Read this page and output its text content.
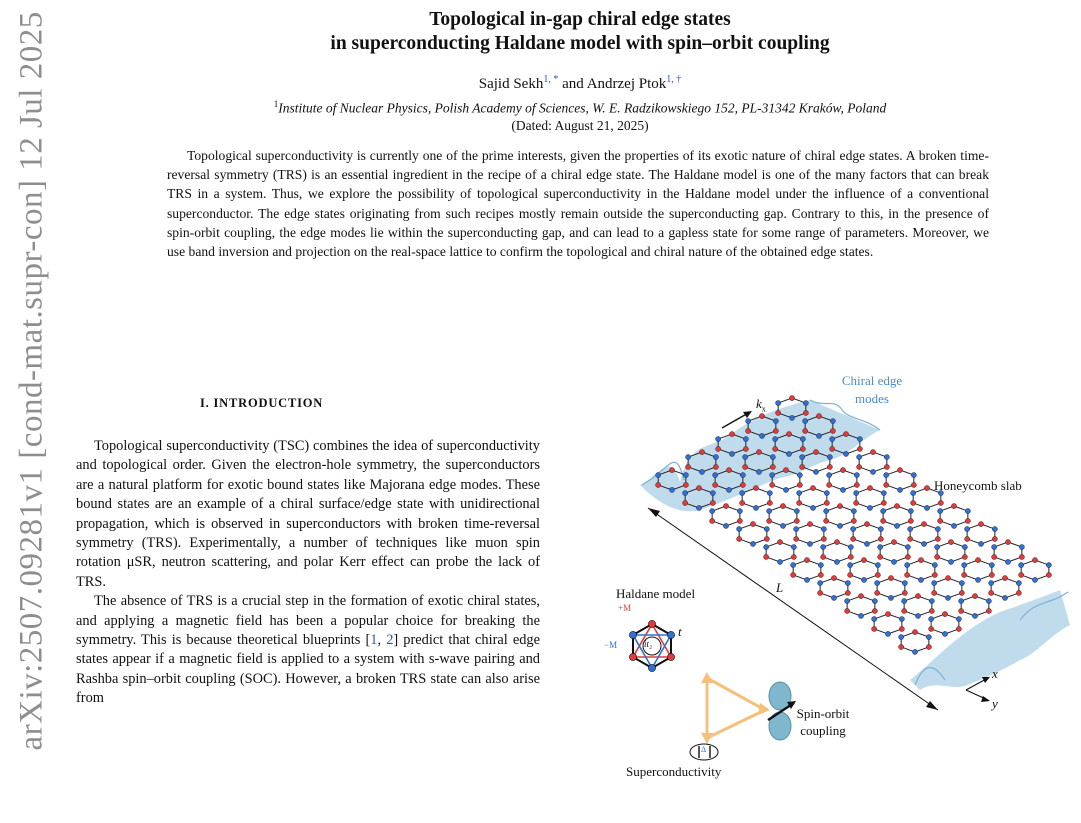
arXiv:2507.09281v1 [cond-mat.supr-con] 12 Jul 2025	Topological in-gap chiral edge states
in superconducting Haldane model with spin–orbit coupling
Sajid Sekh$^{1, *}$ and Andrzej Ptok$^{1, \dagger}$
$^1$Institute of Nuclear Physics, Polish Academy of Sciences, W. E. Radzikowskiego 152, PL-31342 Kraków, Poland
(Dated: August 21, 2025)
Topological superconductivity is currently one of the prime interests, given the properties of its exotic nature of chiral edge states. A broken time-reversal symmetry (TRS) is an essential ingredient in the recipe of a chiral edge state. The Haldane model is one of the many factors that can break TRS in a system. Thus, we explore the possibility of topological superconductivity in the Haldane model under the influence of a conventional superconductor. The edge states originating from such recipes mostly remain outside the superconducting gap. Contrary to this, in the presence of spin-orbit coupling, the edge modes lie within the superconducting gap, and can lead to a gapless state for some range of parameters. Moreover, we use band inversion and projection on the real-space lattice to confirm the topological and chiral nature of the obtained edge states.
I. INTRODUCTION

Topological superconductivity (TSC) combines the idea of superconductivity and topological order. Given the electron-hole symmetry, the superconductors are a natural platform for exotic bound states like Majorana edge modes. These bound states are an example of a chiral surface/edge state with unidirectional propagation, which is observed in superconductors with broken time-reversal symmetry (TRS). Experimentally, a number of techniques like muon spin rotation μSR, neutron scattering, and polar Kerr effect can probe the lack of TRS.

The absence of TRS is a crucial step in the formation of exotic chiral states, and applying a magnetic field has been a popular choice for breaking the symmetry. This is because theoretical blueprints [1, 2] predict that chiral edge states appear if a magnetic field is applied to a system with s-wave pairing and Rashba spin–orbit coupling (SOC). However, a broken TRS state can also arise from

$k_x$
Chiral edge
modes
Honeycomb slab
L
Haldane model
+M
−M
t
it₂
x
y
Spin-orbit
coupling
Superconductivity
Δ
